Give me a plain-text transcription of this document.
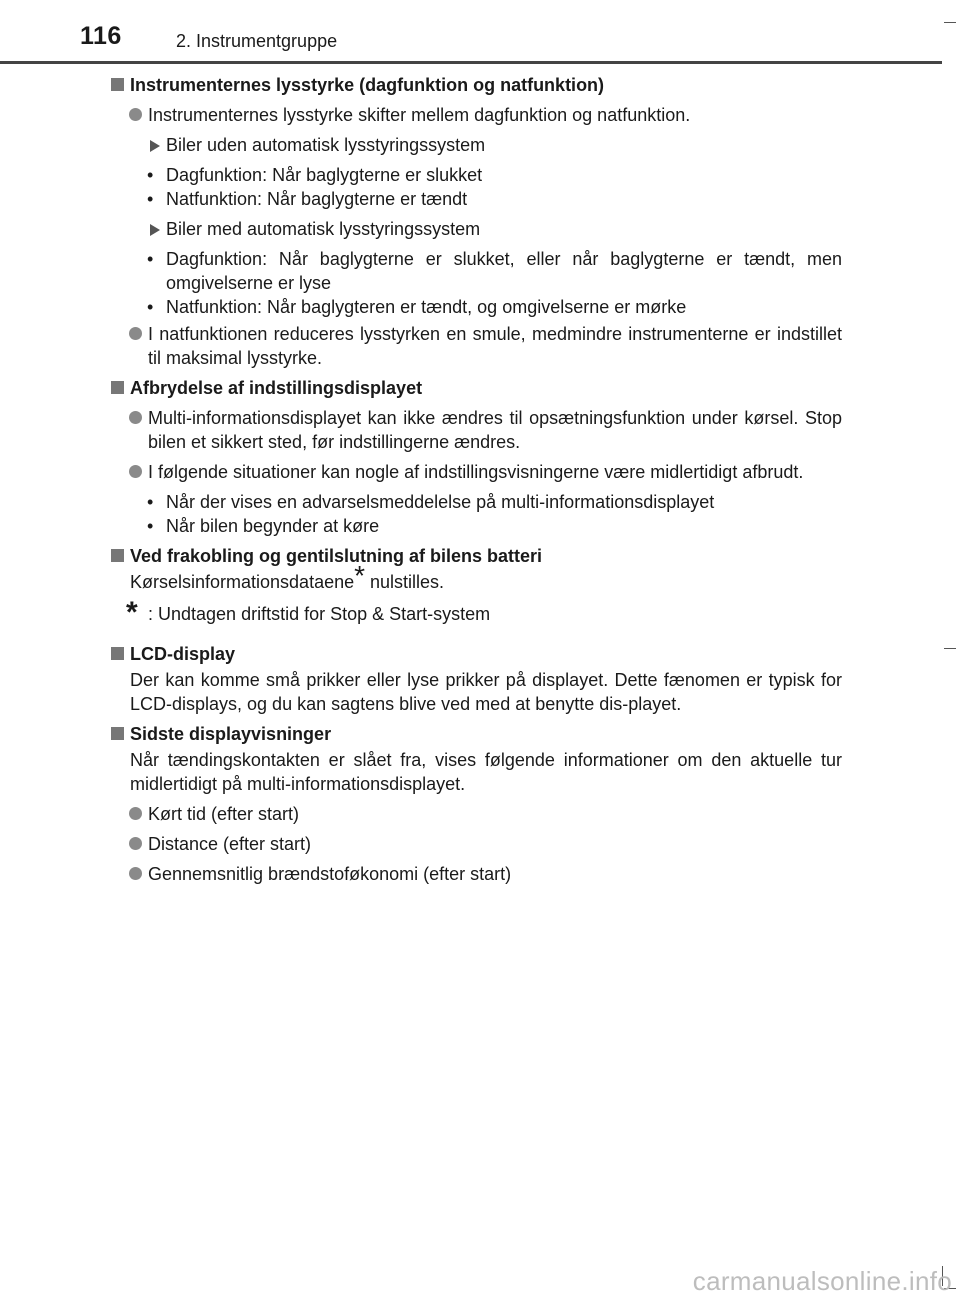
116	2. Instrumentgruppe
Instrumenternes lysstyrke (dagfunktion og natfunktion)
Instrumenternes lysstyrke skifter mellem dagfunktion og natfunktion.
Biler uden automatisk lysstyringssystem
• Dagfunktion: Når baglygterne er slukket
• Natfunktion: Når baglygterne er tændt
Biler med automatisk lysstyringssystem
• Dagfunktion: Når baglygterne er slukket, eller når baglygterne er tændt, men omgivelserne er lyse
• Natfunktion: Når baglygteren er tændt, og omgivelserne er mørke
I natfunktionen reduceres lysstyrken en smule, medmindre instrumenterne er indstillet til maksimal lysstyrke.
Afbrydelse af indstillingsdisplayet
Multi-informationsdisplayet kan ikke ændres til opsætningsfunktion under kørsel. Stop bilen et sikkert sted, før indstillingerne ændres.
I følgende situationer kan nogle af indstillingsvisningerne være midlertidigt afbrudt.
• Når der vises en advarselsmeddelelse på multi-informationsdisplayet
• Når bilen begynder at køre
Ved frakobling og gentilslutning af bilens batteri
Kørselsinformationsdataene* nulstilles.
* : Undtagen driftstid for Stop & Start-system
LCD-display
Der kan komme små prikker eller lyse prikker på displayet. Dette fænomen er typisk for LCD-displays, og du kan sagtens blive ved med at benytte dis-playet.
Sidste displayvisninger
Når tændingskontakten er slået fra, vises følgende informationer om den aktuelle tur midlertidigt på multi-informationsdisplayet.
Kørt tid (efter start)
Distance (efter start)
Gennemsnitlig brændstoføkonomi (efter start)
carmanualsonline.info
